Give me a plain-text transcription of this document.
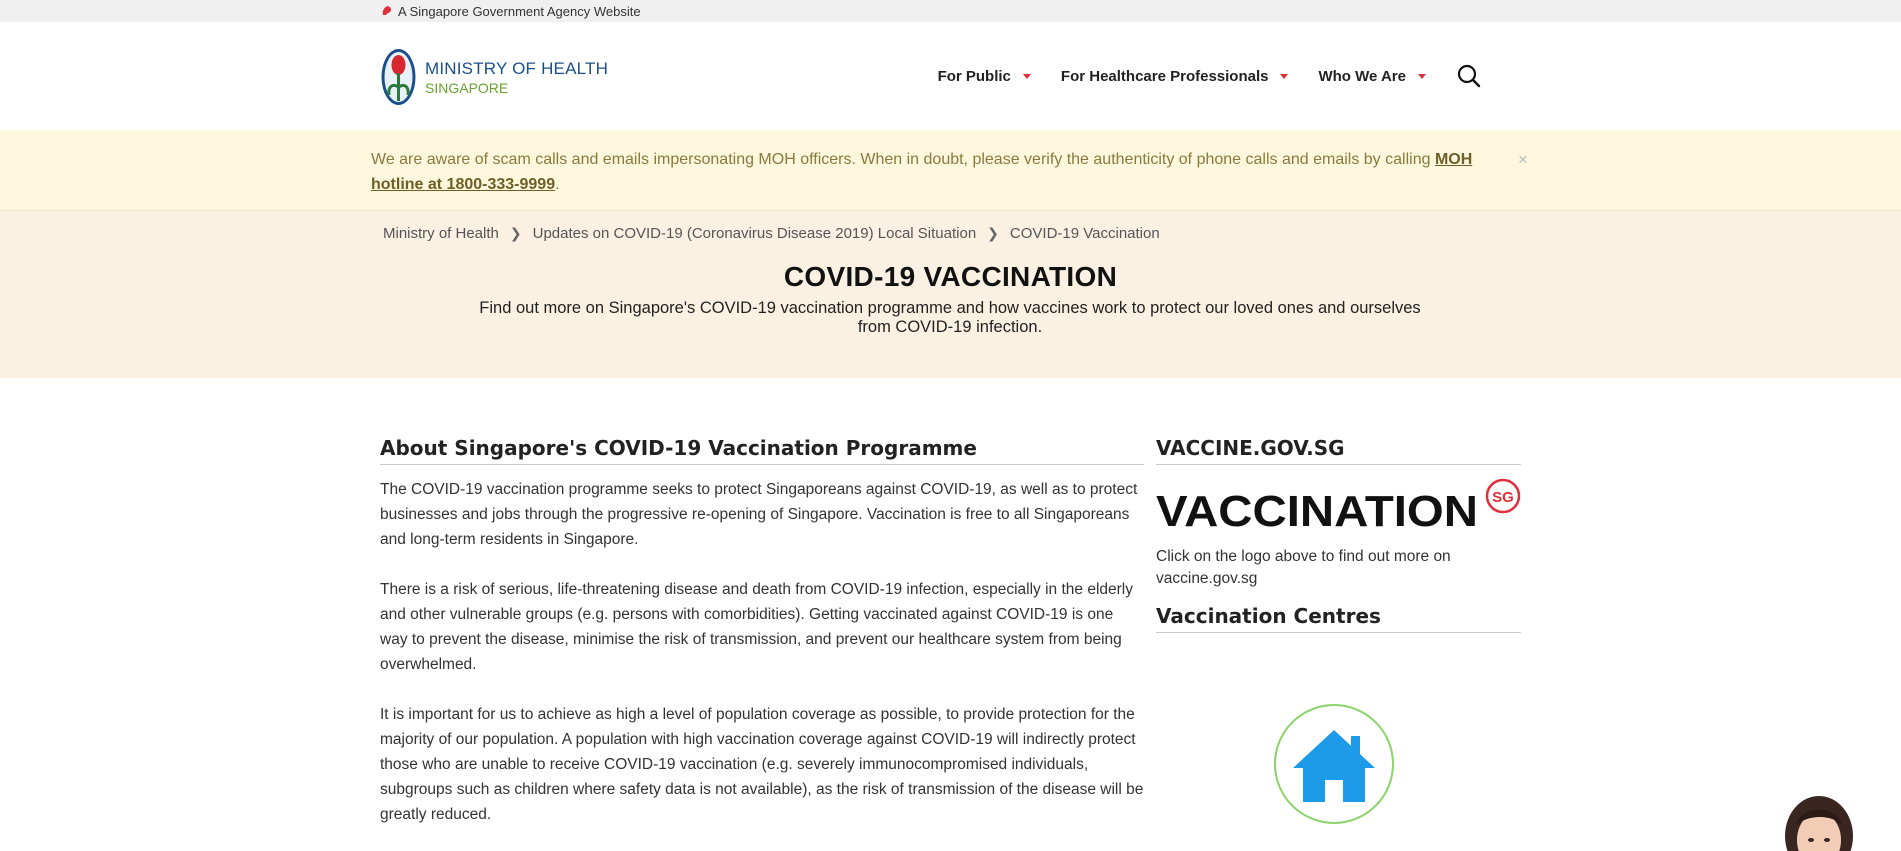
A Singapore Government Agency Website
MINISTRY OF HEALTH
SINGAPORE
For Public	For Healthcare Professionals	Who We Are
We are aware of scam calls and emails impersonating MOH officers. When in doubt, please verify the authenticity of phone calls and emails by calling MOH hotline at 1800-333-9999.
×
Ministry of Health ❯ Updates on COVID-19 (Coronavirus Disease 2019) Local Situation ❯ COVID-19 Vaccination
COVID-19 VACCINATION
Find out more on Singapore's COVID-19 vaccination programme and how vaccines work to protect our loved ones and ourselves from COVID-19 infection.
About Singapore's COVID-19 Vaccination Programme

The COVID-19 vaccination programme seeks to protect Singaporeans against COVID-19, as well as to protect businesses and jobs through the progressive re-opening of Singapore. Vaccination is free to all Singaporeans and long-term residents in Singapore.

There is a risk of serious, life-threatening disease and death from COVID-19 infection, especially in the elderly and other vulnerable groups (e.g. persons with comorbidities). Getting vaccinated against COVID-19 is one way to prevent the disease, minimise the risk of transmission, and prevent our healthcare system from being overwhelmed.

It is important for us to achieve as high a level of population coverage as possible, to provide protection for the majority of our population. A population with high vaccination coverage against COVID-19 will indirectly protect those who are unable to receive COVID-19 vaccination (e.g. severely immunocompromised individuals, subgroups such as children where safety data is not available), as the risk of transmission of the disease will be greatly reduced.

VACCINE.GOV.SG
VACCINATION SG
Click on the logo above to find out more on vaccine.gov.sg
Vaccination Centres
